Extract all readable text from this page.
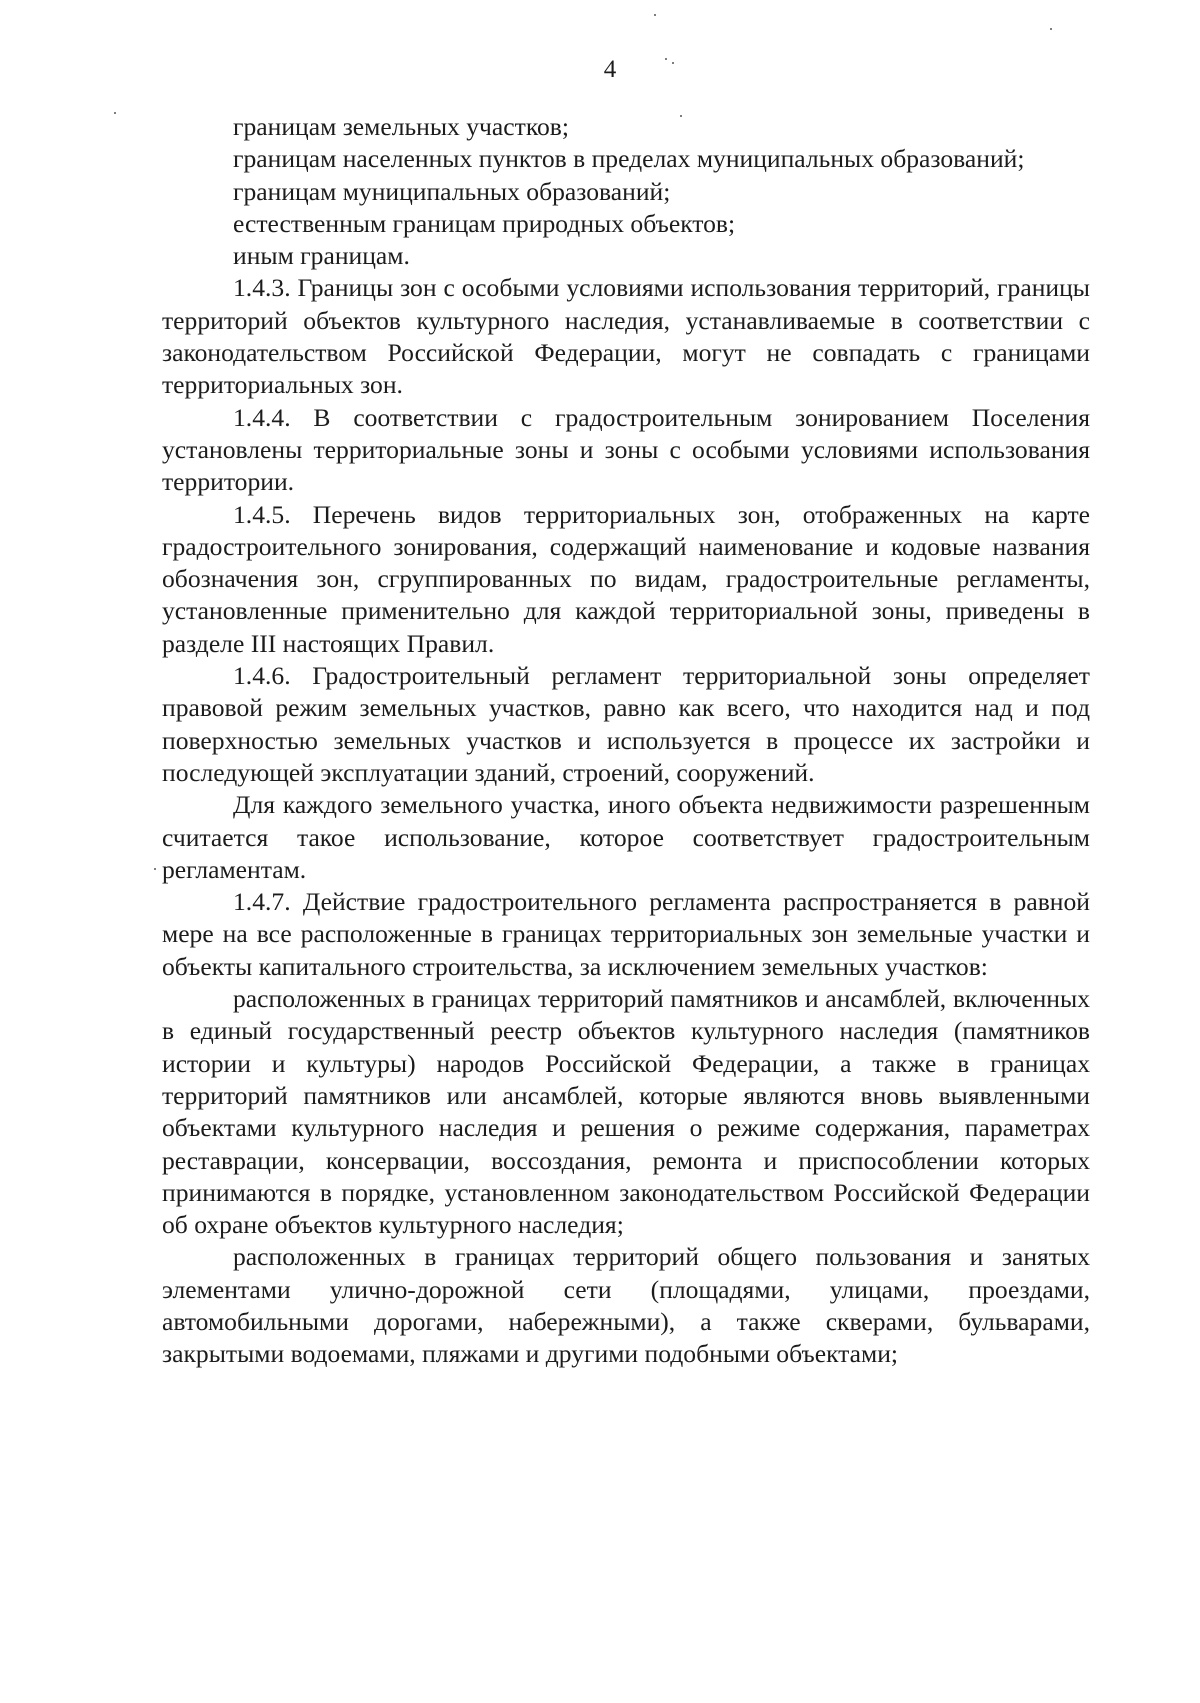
4

границам земельных участков;

границам населенных пунктов в пределах муниципальных образований;

границам муниципальных образований;

естественным границам природных объектов;

иным границам.

1.4.3. Границы зон с особыми условиями использования территорий, границы территорий объектов культурного наследия, устанавливаемые в соответствии с законодательством Российской Федерации, могут не совпадать с границами территориальных зон.

1.4.4. В соответствии с градостроительным зонированием Поселения установлены территориальные зоны и зоны с особыми условиями использования территории.

1.4.5. Перечень видов территориальных зон, отображенных на карте градостроительного зонирования, содержащий наименование и кодовые названия обозначения зон, сгруппированных по видам, градостроительные регламенты, установленные применительно для каждой территориальной зоны, приведены в разделе III настоящих Правил.

1.4.6. Градостроительный регламент территориальной зоны определяет правовой режим земельных участков, равно как всего, что находится над и под поверхностью земельных участков и используется в процессе их застройки и последующей эксплуатации зданий, строений, сооружений.

Для каждого земельного участка, иного объекта недвижимости разрешенным считается такое использование, которое соответствует градостроительным регламентам.

1.4.7. Действие градостроительного регламента распространяется в равной мере на все расположенные в границах территориальных зон земельные участки и объекты капитального строительства, за исключением земельных участков:

расположенных в границах территорий памятников и ансамблей, включенных в единый государственный реестр объектов культурного наследия (памятников истории и культуры) народов Российской Федерации, а также в границах территорий памятников или ансамблей, которые являются вновь выявленными объектами культурного наследия и решения о режиме содержания, параметрах реставрации, консервации, воссоздания, ремонта и приспособлении которых принимаются в порядке, установленном законодательством Российской Федерации об охране объектов культурного наследия;

расположенных в границах территорий общего пользования и занятых элементами улично-дорожной сети (площадями, улицами, проездами, автомобильными дорогами, набережными), а также скверами, бульварами, закрытыми водоемами, пляжами и другими подобными объектами;
